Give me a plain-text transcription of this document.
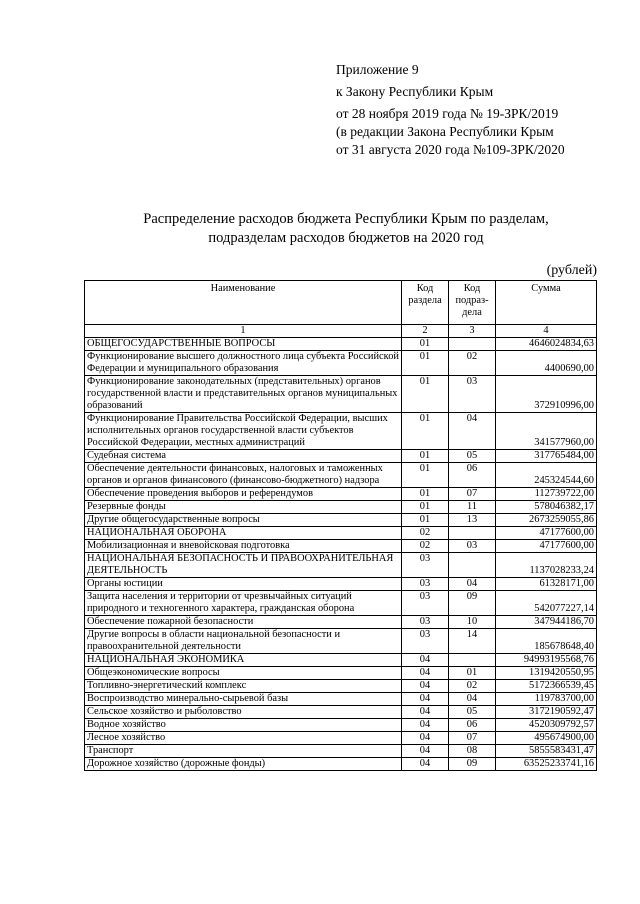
Приложение 9
к Закону Республики Крым
от 28 ноября 2019 года № 19-ЗРК/2019
(в редакции Закона Республики Крым
от 31 августа 2020 года №109-ЗРК/2020
Распределение расходов бюджета Республики Крым по разделам,
подразделам расходов бюджетов на 2020 год
(рублей)
Наименование	Код раздела	Код подраз-дела	Сумма
1	2	3	4
ОБЩЕГОСУДАРСТВЕННЫЕ ВОПРОСЫ	01		4646024834,63
Функционирование высшего должностного лица субъекта Российской Федерации и муниципального образования	01	02	4400690,00
Функционирование законодательных (представительных) органов государственной власти и представительных органов муниципальных образований	01	03	372910996,00
Функционирование Правительства Российской Федерации, высших исполнительных органов государственной власти субъектов Российской Федерации, местных администраций	01	04	341577960,00
Судебная система	01	05	317765484,00
Обеспечение деятельности финансовых, налоговых и таможенных органов и органов финансового (финансово-бюджетного) надзора	01	06	245324544,60
Обеспечение проведения выборов и референдумов	01	07	112739722,00
Резервные фонды	01	11	578046382,17
Другие общегосударственные вопросы	01	13	2673259055,86
НАЦИОНАЛЬНАЯ ОБОРОНА	02		47177600,00
Мобилизационная и вневойсковая подготовка	02	03	47177600,00
НАЦИОНАЛЬНАЯ БЕЗОПАСНОСТЬ И ПРАВООХРАНИТЕЛЬНАЯ ДЕЯТЕЛЬНОСТЬ	03		1137028233,24
Органы юстиции	03	04	61328171,00
Защита населения и территории от чрезвычайных ситуаций природного и техногенного характера, гражданская оборона	03	09	542077227,14
Обеспечение пожарной безопасности	03	10	347944186,70
Другие вопросы в области национальной безопасности и правоохранительной деятельности	03	14	185678648,40
НАЦИОНАЛЬНАЯ ЭКОНОМИКА	04		94993195568,76
Общеэкономические вопросы	04	01	1319420550,95
Топливно-энергетический комплекс	04	02	5172366539,45
Воспроизводство минерально-сырьевой базы	04	04	119783700,00
Сельское хозяйство и рыболовство	04	05	3172190592,47
Водное хозяйство	04	06	4520309792,57
Лесное хозяйство	04	07	495674900,00
Транспорт	04	08	5855583431,47
Дорожное хозяйство (дорожные фонды)	04	09	63525233741,16
